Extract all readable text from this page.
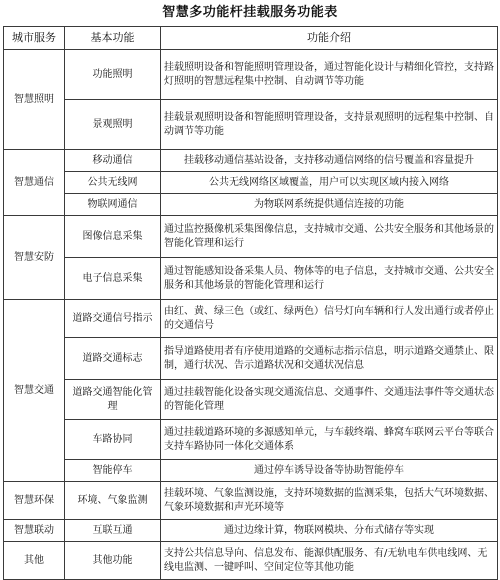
智慧多功能杆挂载服务功能表
城市服务	基本功能	功能介绍
智慧照明	功能照明	挂载照明设备和智能照明管理设备，通过智能化设计与精细化管控，支持路灯照明的智慧远程集中控制、自动调节等功能
	景观照明	挂载景观照明设备和智能照明管理设备，支持景观照明的远程集中控制、自动调节等功能
智慧通信	移动通信	挂载移动通信基站设备，支持移动通信网络的信号覆盖和容量提升
	公共无线网	公共无线网络区域覆盖，用户可以实现区域内接入网络
	物联网通信	为物联网系统提供通信连接的功能
智慧安防	图像信息采集	通过监控摄像机采集图像信息，支持城市交通、公共安全服务和其他场景的智能化管理和运行
	电子信息采集	通过智能感知设备采集人员、物体等的电子信息，支持城市交通、公共安全服务和其他场景的智能化管理和运行
智慧交通	道路交通信号指示	由红、黄、绿三色（或红、绿两色）信号灯向车辆和行人发出通行或者停止的交通信号
	道路交通标志	指导道路使用者有序使用道路的交通标志指示信息，明示道路交通禁止、限制，通行状况、告示道路状况和交通状况信息
	道路交通智能化管理	通过挂载智能化设备实现交通流信息、交通事件、交通违法事件等交通状态的智能化管理
	车路协同	通过挂载道路环境的多源感知单元，与车载终端、蜂窝车联网云平台等联合支持车路协同一体化交通体系
	智能停车	通过停车诱导设备等协助智能停车
智慧环保	环境、气象监测	挂载环境、气象监测设施，支持环境数据的监测采集，包括大气环境数据、气象环境数据和声光环境等
智慧联动	互联互通	通过边缘计算，物联网模块、分布式储存等实现
其他	其他功能	支持公共信息导向、信息发布、能源供配服务、有/无轨电车供电线网、无线电监测、一键呼叫、空间定位等其他功能
